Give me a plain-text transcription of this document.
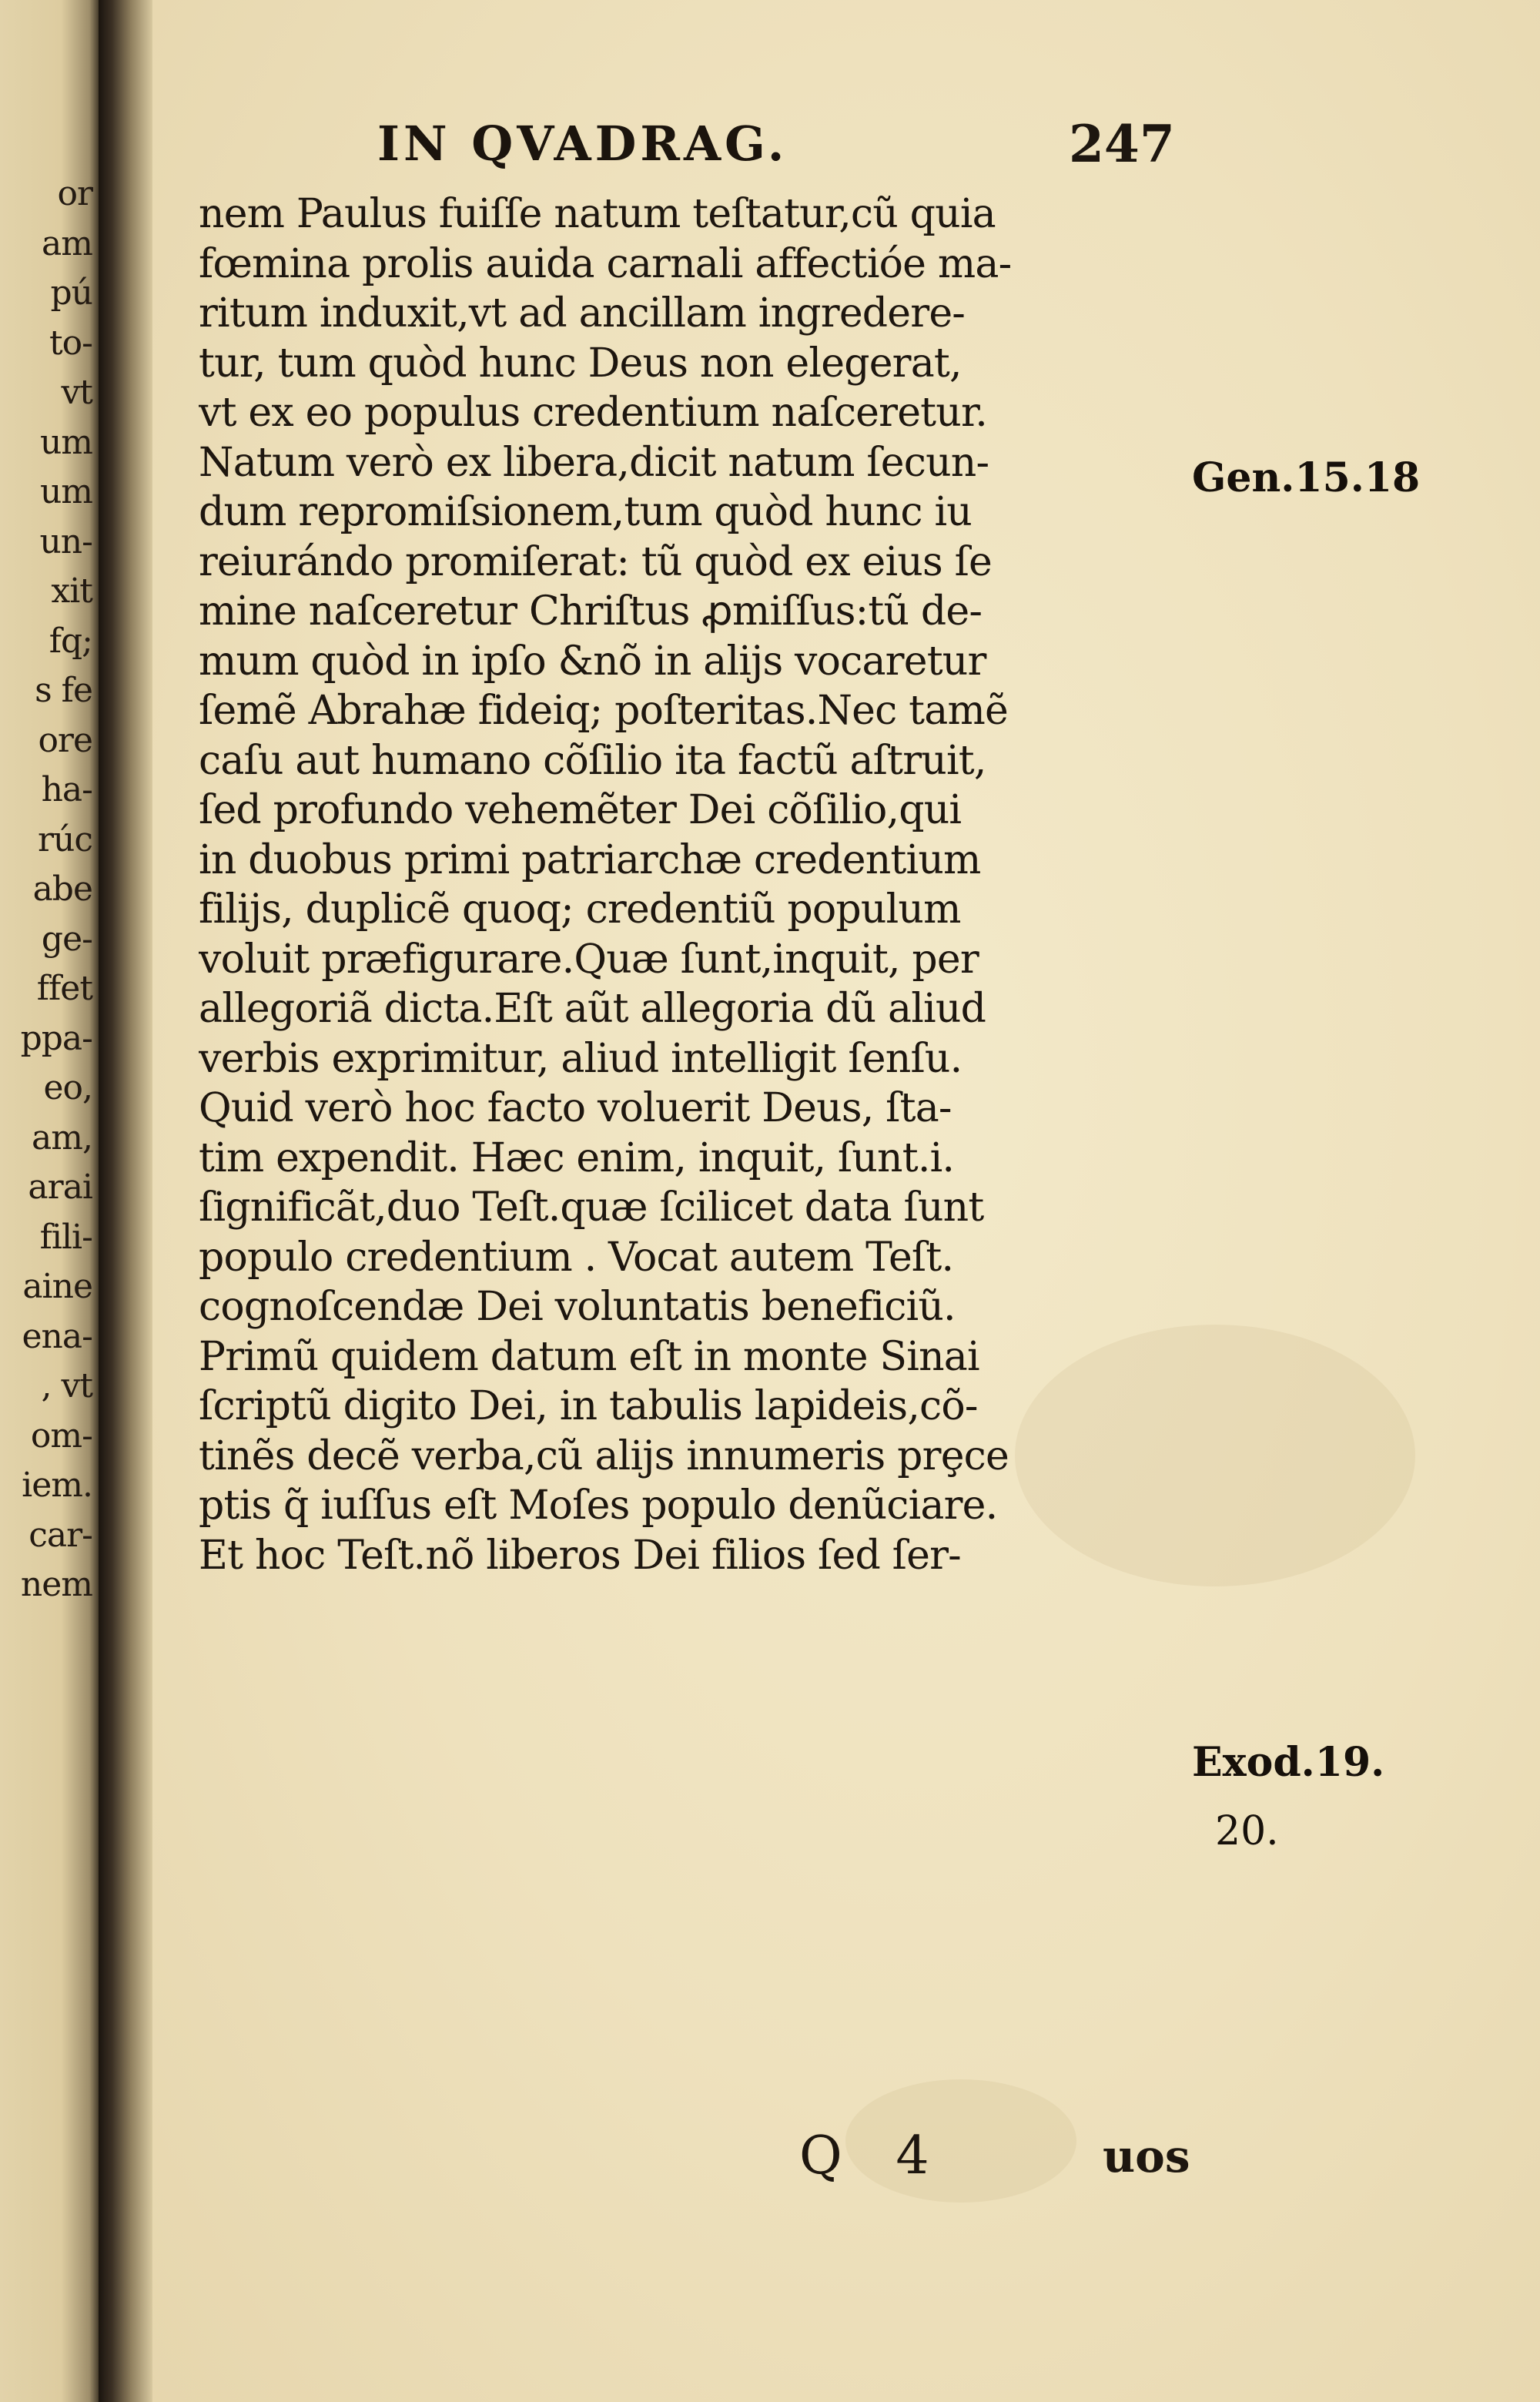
or
am
pú
to-
vt
um
um
un-
xit
fq;
s fe
ore
ha-
rúc
abe
ge-
ffet
ppa-
eo,
am,
arai
fili-
aine
ena-
, vt
om-
iem.
car-
nem
IN QVADRAG.	247
nem Paulus fuiſſe natum teſtatur,cũ quia
fœmina prolis auida carnali affectióe ma-
ritum induxit,vt ad ancillam ingredere-
tur, tum quòd hunc Deus non elegerat,
vt ex eo populus credentium naſceretur.
Natum verò ex libera,dicit natum ſecun-
dum repromiſsionem,tum quòd hunc iu
reiurándo promiſerat: tũ quòd ex eius ſe
mine naſceretur Chriſtus ꝓmiſſus:tũ de-
mum quòd in ipſo &nõ in alijs vocaretur
ſemẽ Abrahæ fideiq; poſteritas.Nec tamẽ
caſu aut humano cõſilio ita factũ aſtruit,
ſed profundo vehemẽter Dei cõſilio,qui
in duobus primi patriarchæ credentium
filijs, duplicẽ quoq; credentiũ populum
voluit præfigurare.Quæ ſunt,inquit, per
allegoriã dicta.Eſt aũt allegoria dũ aliud
verbis exprimitur, aliud intelligit ſenſu.
Quid verò hoc facto voluerit Deus, ſta-
tim expendit. Hæc enim, inquit, ſunt.i.
ſignificãt,duo Teſt.quæ ſcilicet data ſunt
populo credentium . Vocat autem Teſt.
cognoſcendæ Dei voluntatis beneficiũ.
Primũ quidem datum eſt in monte Sinai
ſcriptũ digito Dei, in tabulis lapideis,cõ-
tinẽs decẽ verba,cũ alijs innumeris prȩce
ptis q̃ iuſſus eſt Moſes populo denũciare.
Et hoc Teſt.nõ liberos Dei filios ſed ſer-
Gen.15.18
Exod.19.
20.
Q 4	uos
